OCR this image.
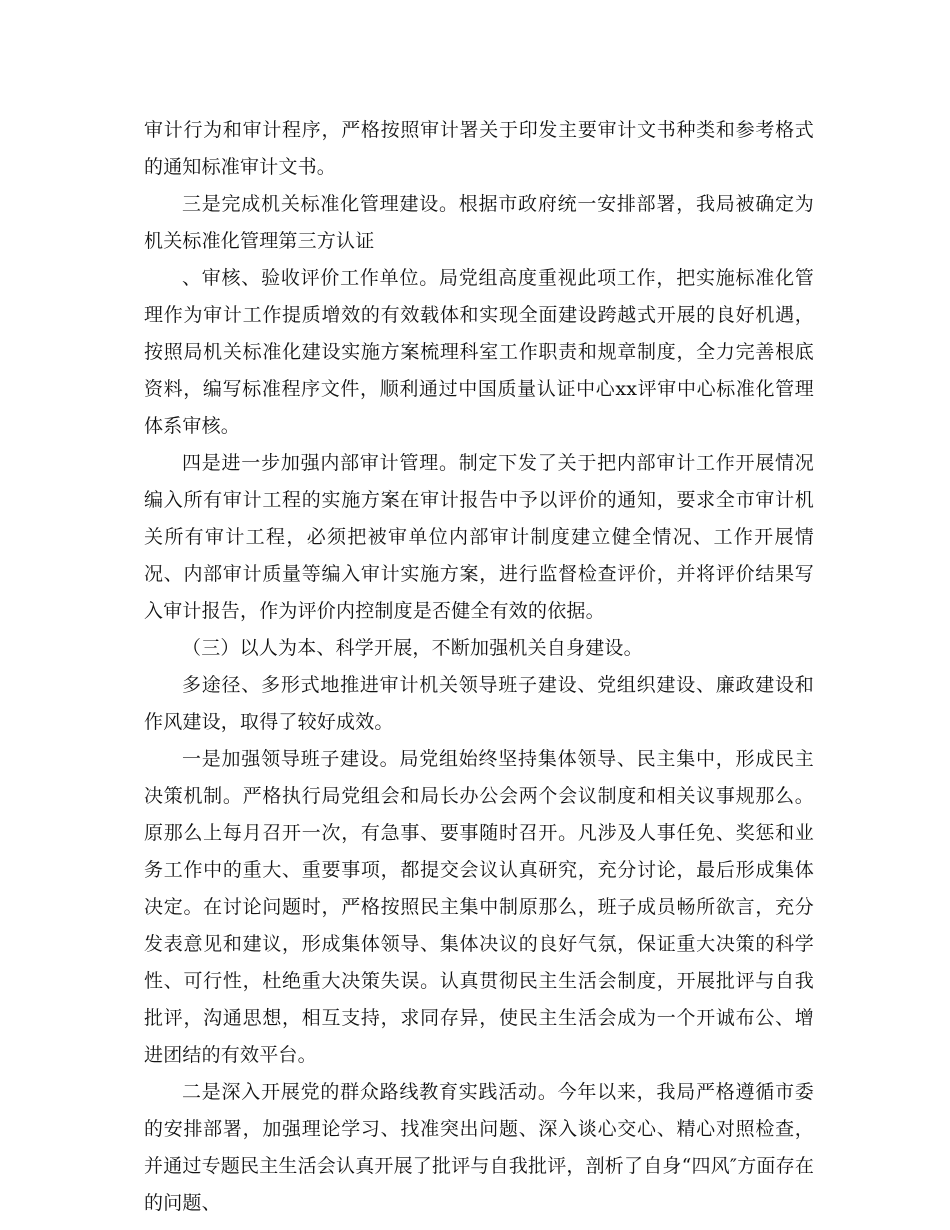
审计行为和审计程序，严格按照审计署关于印发主要审计文书种类和参考格式的通知标准审计文书。

三是完成机关标准化管理建设。根据市政府统一安排部署，我局被确定为机关标准化管理第三方认证

、审核、验收评价工作单位。局党组高度重视此项工作，把实施标准化管理作为审计工作提质增效的有效载体和实现全面建设跨越式开展的良好机遇，按照局机关标准化建设实施方案梳理科室工作职责和规章制度，全力完善根底资料，编写标准程序文件，顺利通过中国质量认证中心xx评审中心标准化管理体系审核。

四是进一步加强内部审计管理。制定下发了关于把内部审计工作开展情况编入所有审计工程的实施方案在审计报告中予以评价的通知，要求全市审计机关所有审计工程，必须把被审单位内部审计制度建立健全情况、工作开展情况、内部审计质量等编入审计实施方案，进行监督检查评价，并将评价结果写入审计报告，作为评价内控制度是否健全有效的依据。

（三）以人为本、科学开展，不断加强机关自身建设。

多途径、多形式地推进审计机关领导班子建设、党组织建设、廉政建设和作风建设，取得了较好成效。

一是加强领导班子建设。局党组始终坚持集体领导、民主集中，形成民主决策机制。严格执行局党组会和局长办公会两个会议制度和相关议事规那么。原那么上每月召开一次，有急事、要事随时召开。凡涉及人事任免、奖惩和业务工作中的重大、重要事项，都提交会议认真研究，充分讨论，最后形成集体决定。在讨论问题时，严格按照民主集中制原那么，班子成员畅所欲言，充分发表意见和建议，形成集体领导、集体决议的良好气氛，保证重大决策的科学性、可行性，杜绝重大决策失误。认真贯彻民主生活会制度，开展批评与自我批评，沟通思想，相互支持，求同存异，使民主生活会成为一个开诚布公、增进团结的有效平台。

二是深入开展党的群众路线教育实践活动。今年以来，我局严格遵循市委的安排部署，加强理论学习、找准突出问题、深入谈心交心、精心对照检查，并通过专题民主生活会认真开展了批评与自我批评，剖析了自身“四风″方面存在的问题、
